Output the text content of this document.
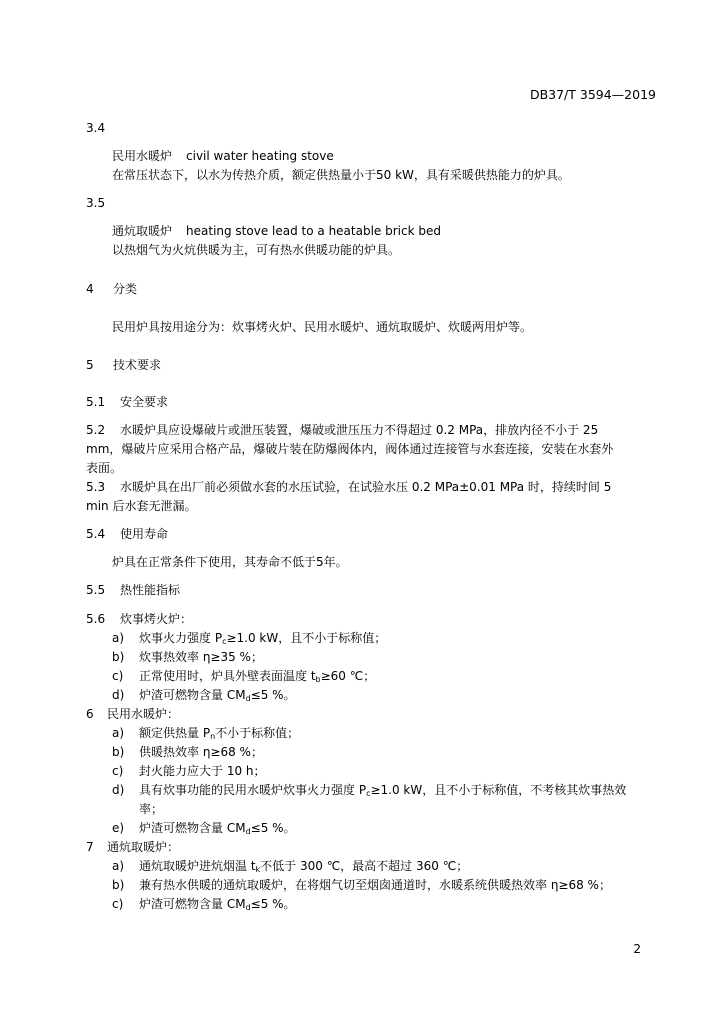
DB37/T 3594—2019
3.4
民用水暖炉 civil water heating stove
在常压状态下，以水为传热介质，额定供热量小于50 kW，具有采暖供热能力的炉具。
3.5
通炕取暖炉 heating stove lead to a heatable brick bed
以热烟气为火炕供暖为主，可有热水供暖功能的炉具。
4 分类
民用炉具按用途分为：炊事烤火炉、民用水暖炉、通炕取暖炉、炊暖两用炉等。
5 技术要求
5.1 安全要求
5.2 水暖炉具应设爆破片或泄压装置，爆破或泄压压力不得超过 0.2 MPa，排放内径不小于 25
mm，爆破片应采用合格产品，爆破片装在防爆阀体内，阀体通过连接管与水套连接，安装在水套外
表面。
5.3 水暖炉具在出厂前必须做水套的水压试验，在试验水压 0.2 MPa±0.01 MPa 时，持续时间 5
min 后水套无泄漏。
5.4 使用寿命
炉具在正常条件下使用，其寿命不低于5年。
5.5 热性能指标
5.6 炊事烤火炉：
a) 炊事火力强度 $P_c\ge 1.0$ kW，且不小于标称值；
b) 炊事热效率 η≥35 %；
c) 正常使用时，炉具外壁表面温度 $t_b\ge 60$ ℃；
d) 炉渣可燃物含量 $CM_d\le 5$ %。
6 民用水暖炉：
a) 额定供热量 $P_n$不小于标称值；
b) 供暖热效率 η≥68 %；
c) 封火能力应大于 10 h；
d) 具有炊事功能的民用水暖炉炊事火力强度 $P_c\ge 1.0$ kW，且不小于标称值，不考核其炊事热效
率；
e) 炉渣可燃物含量 $CM_d\le 5$ %。
7 通炕取暖炉：
a) 通炕取暖炉进炕烟温 $t_k$不低于 300 ℃，最高不超过 360 ℃；
b) 兼有热水供暖的通炕取暖炉，在将烟气切至烟囱通道时，水暖系统供暖热效率 η≥68 %；
c) 炉渣可燃物含量 $CM_d\le 5$ %。
2
